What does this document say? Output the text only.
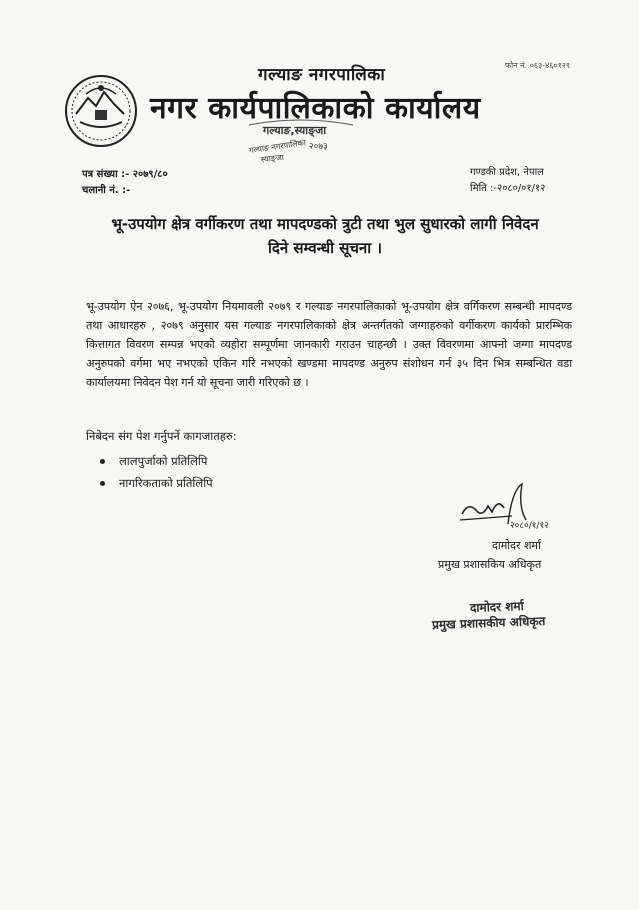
फोन नं. ०६३-४६०१२९
गल्याङ नगरपालिका
नगर कार्यपालिकाको कार्यालय
गल्याङ,स्याङ्जा
गल्याङ नगरपालिका २०७३
स्याङ्जा
पत्र संख्या :- २०७९/८०
चलानी नं. :-
गण्डकी प्रदेश, नेपाल
मिति :-२०८०/०१/१२
भू-उपयोग क्षेत्र वर्गीकरण तथा मापदण्डको त्रुटी तथा भुल सुधारको लागी निवेदन
दिने सम्वन्धी सूचना ।
भू-उपयोग ऐन २०७६, भू-उपयोग नियमावली २०७९ र गल्याङ नगरपालिकाको भू-उपयोग क्षेत्र वर्गिकरण सम्बन्धी मापदण्ड तथा आधारहरु , २०७९ अनुसार यस गल्याङ नगरपालिकाको क्षेत्र अन्तर्गतको जग्गाहरुको वर्गीकरण कार्यको प्रारम्भिक कित्तागत विवरण सम्पन्न भएको व्यहोरा सम्पूर्णमा जानकारी गराउन चाहन्छौ । उक्त विवरणमा आफ्नो जग्गा मापदण्ड अनुरुपको वर्गमा भए नभएको एकिन गरि नभएको खण्डमा मापदण्ड अनुरुप संशोधन गर्न ३५ दिन भित्र सम्बन्धित वडा कार्यालयमा निवेदन पेश गर्न यो सूचना जारी गरिएको छ ।
निबेदन संग पेश गर्नुपर्ने कागजातहरु:
लालपुर्जाको प्रतिलिपि
नागरिकताको प्रतिलिपि
२०८०/१/१२
दामोदर शर्मा
प्रमुख प्रशासकिय अधिकृत
दामोदर शर्मा
प्रमुख प्रशासकीय अधिकृत
